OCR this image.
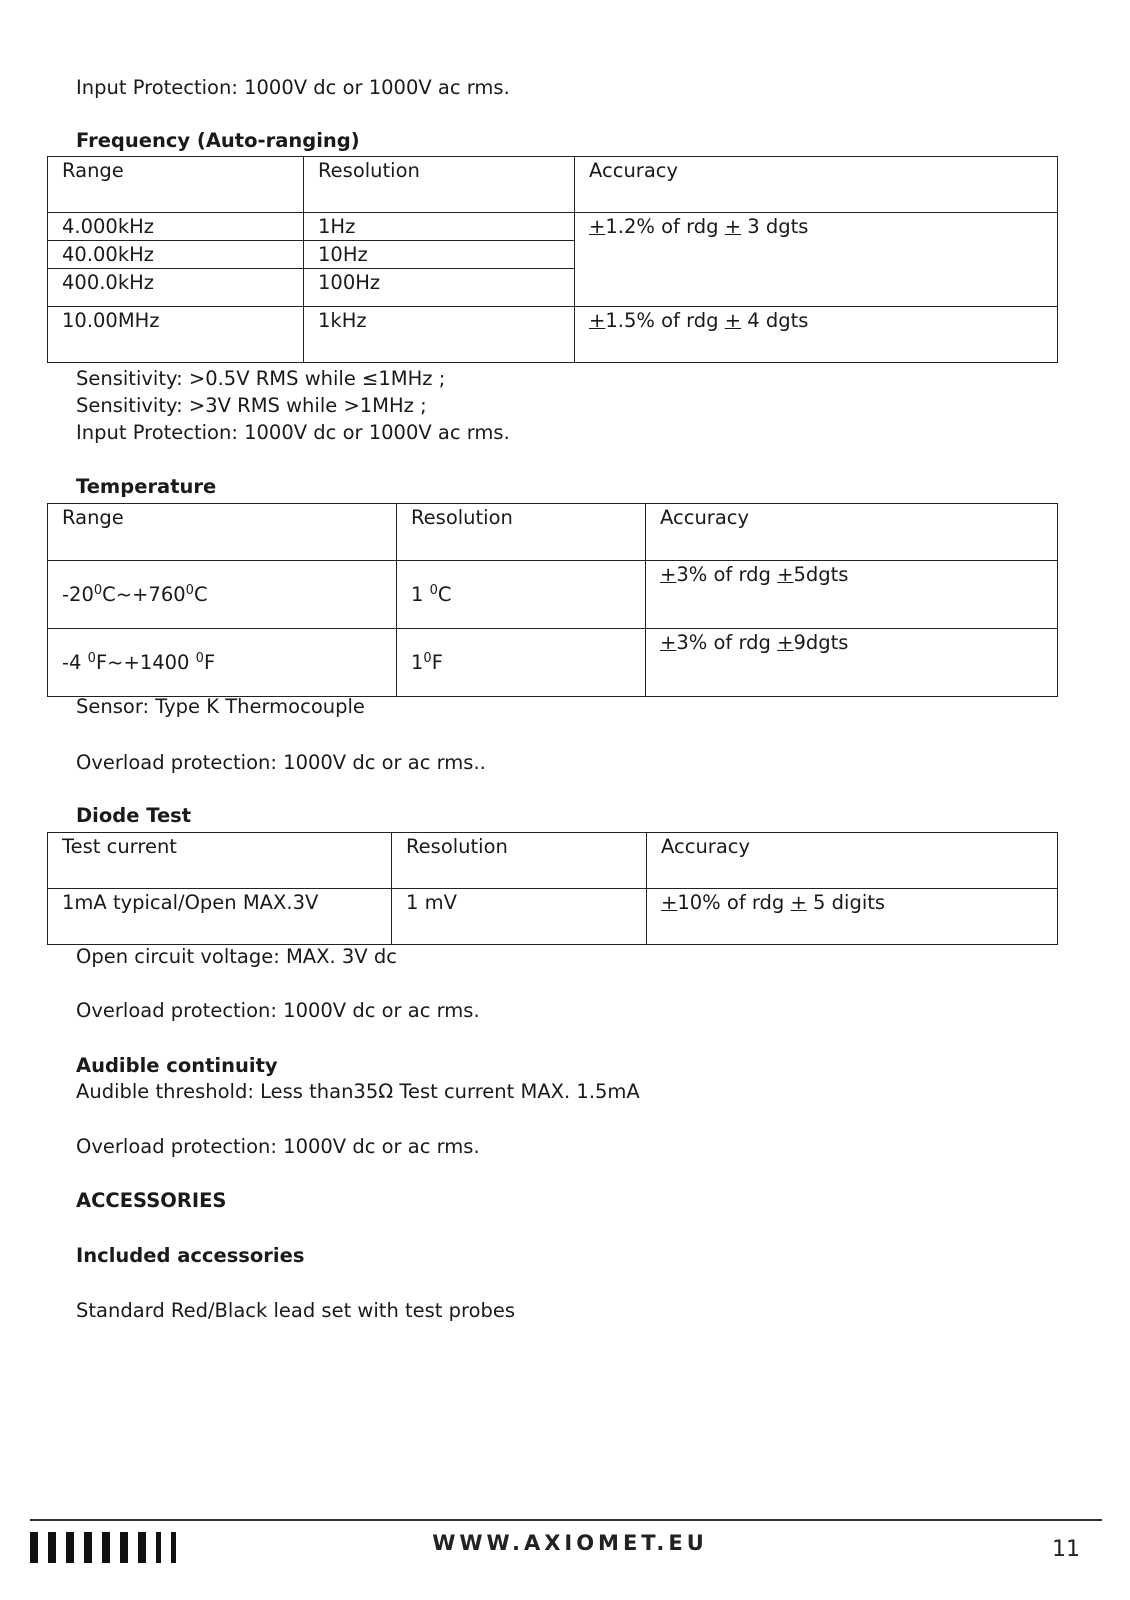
Input Protection: 1000V dc or 1000V ac rms.
Frequency (Auto-ranging)
Range	Resolution	Accuracy
4.000kHz	1Hz	+1.2% of rdg + 3 dgts
40.00kHz	10Hz	
400.0kHz	100Hz	
10.00MHz	1kHz	+1.5% of rdg + 4 dgts
Sensitivity: >0.5V RMS while ≤1MHz ;
Sensitivity: >3V RMS while >1MHz ;
Input Protection: 1000V dc or 1000V ac rms.
Temperature
Range	Resolution	Accuracy
$-20^0C\sim+760^0C$	1 $^0$C	+3% of rdg +5dgts
-4 $^0$F~+1400 $^0$F	$1^0F$	+3% of rdg +9dgts
Sensor: Type K Thermocouple
Overload protection: 1000V dc or ac rms..
Diode Test
Test current	Resolution	Accuracy
1mA typical/Open MAX.3V	1 mV	+10% of rdg + 5 digits
Open circuit voltage: MAX. 3V dc
Overload protection: 1000V dc or ac rms.
Audible continuity
Audible threshold: Less than35Ω Test current MAX. 1.5mA
Overload protection: 1000V dc or ac rms.
ACCESSORIES
Included accessories
Standard Red/Black lead set with test probes
WWW.AXIOMET.EU	11
